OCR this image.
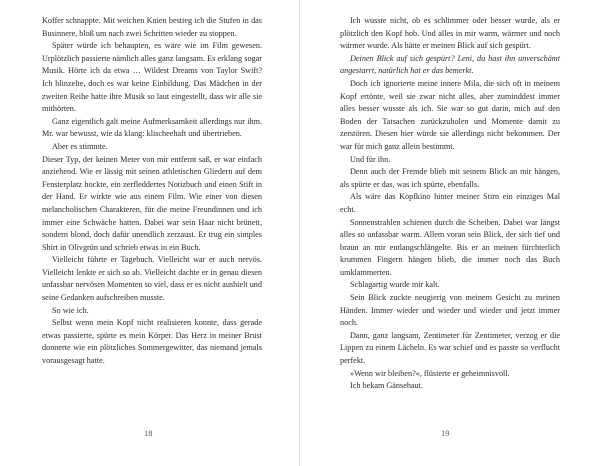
Koffer schnappte. Mit weichen Knien bestieg ich die Stufen in das Businnere, bloß um nach zwei Schritten wieder zu stoppen.

Später würde ich behaupten, es wäre wie im Film gewesen. Urplötzlich passierte nämlich alles ganz langsam. Es erklang sogar Musik. Hörte ich da etwa … Wildest Dreams von Taylor Swift? Ich blinzelte, doch es war keine Einbildung. Das Mädchen in der zweiten Reihe hatte ihre Musik so laut eingestellt, dass wir alle sie mithörten.

Ganz eigentlich galt meine Aufmerksamkeit allerdings nur ihm. Mr. war bewusst, wie da klang: klischeehaft und übertrieben.

Aber es stimmte.

Dieser Typ, der keinen Meter von mir entfernt saß, er war einfach anziehend. Wie er lässig mit seinen athletischen Gliedern auf dem Fensterplatz hockte, ein zerfleddertes Notizbuch und einen Stift in der Hand. Er wirkte wie aus einem Film. Wie einer von diesen melancholischen Charakteren, für die meine Freundinnen und ich immer eine Schwäche hatten. Dabei war sein Haar nicht brünett, sondern blond, doch dafür unendlich zerzaust. Er trug ein simples Shirt in Olivgrün und schrieb etwas in ein Buch.

Vielleicht führte er Tagebuch. Vielleicht war er auch nervös. Vielleicht lenkte er sich so ab. Vielleicht dachte er in genau diesen unfassbar nervösen Momenten so viel, dass er es nicht aushielt und seine Gedanken aufschreiben musste.

So wie ich.

Selbst wenn mein Kopf nicht realisieren konnte, dass gerade etwas passierte, spürte es mein Körper. Das Herz in meiner Brust donnerte wie ein plötzliches Sommergewitter, das niemand jemals vorausgesagt hatte.

18

Ich wusste nicht, ob es schlimmer oder besser wurde, als er plötzlich den Kopf hob. Und alles in mir warm, wärmer und noch wärmer wurde. Als hätte er meinen Blick auf sich gespürt.

Deinen Blick auf sich gespürt? Leni, du hast ihn unverschämt angestarrt, natürlich hat er das bemerkt.

Doch ich ignorierte meine innere Mila, die sich oft in meinem Kopf ertönte, weil sie zwar nicht alles, aber zuminddest immer alles besser wusste als ich. Sie war so gut darin, mich auf den Boden der Tatsachen zurückzuholen und Momente damit zu zerstören. Diesen hier würde sie allerdings nicht bekommen. Der war für mich ganz allein bestimmt.

Und für ihn.

Denn auch der Fremde blieb mit seinem Blick an mir hängen, als spürte er das, was ich spürte, ebenfalls.

Als wäre das Kopfkino hinter meiner Stirn ein einziges Mal echt.

Sonnenstrahlen schienen durch die Scheiben. Dabei war längst alles so unfassbar warm. Allem voran sein Blick, der sich tief und braun an mir entlangschlängelte. Bis er an meinen fürchterlich krummen Fingern hängen blieb, die immer noch das Buch umklammerten.

Schlagartig wurde mir kalt.

Sein Blick zuckte neugierig von meinem Gesicht zu meinen Händen. Immer wieder und wieder und wieder und jetzt immer noch.

Dann, ganz langsam, Zentimeter für Zentimeter, verzog er die Lippen zu einem Lächeln. Es war schief und es passte so verflucht perfekt.

»Wenn wir bleiben?«, flüsterte er geheimnisvoll.

Ich bekam Gänsehaut.

19
